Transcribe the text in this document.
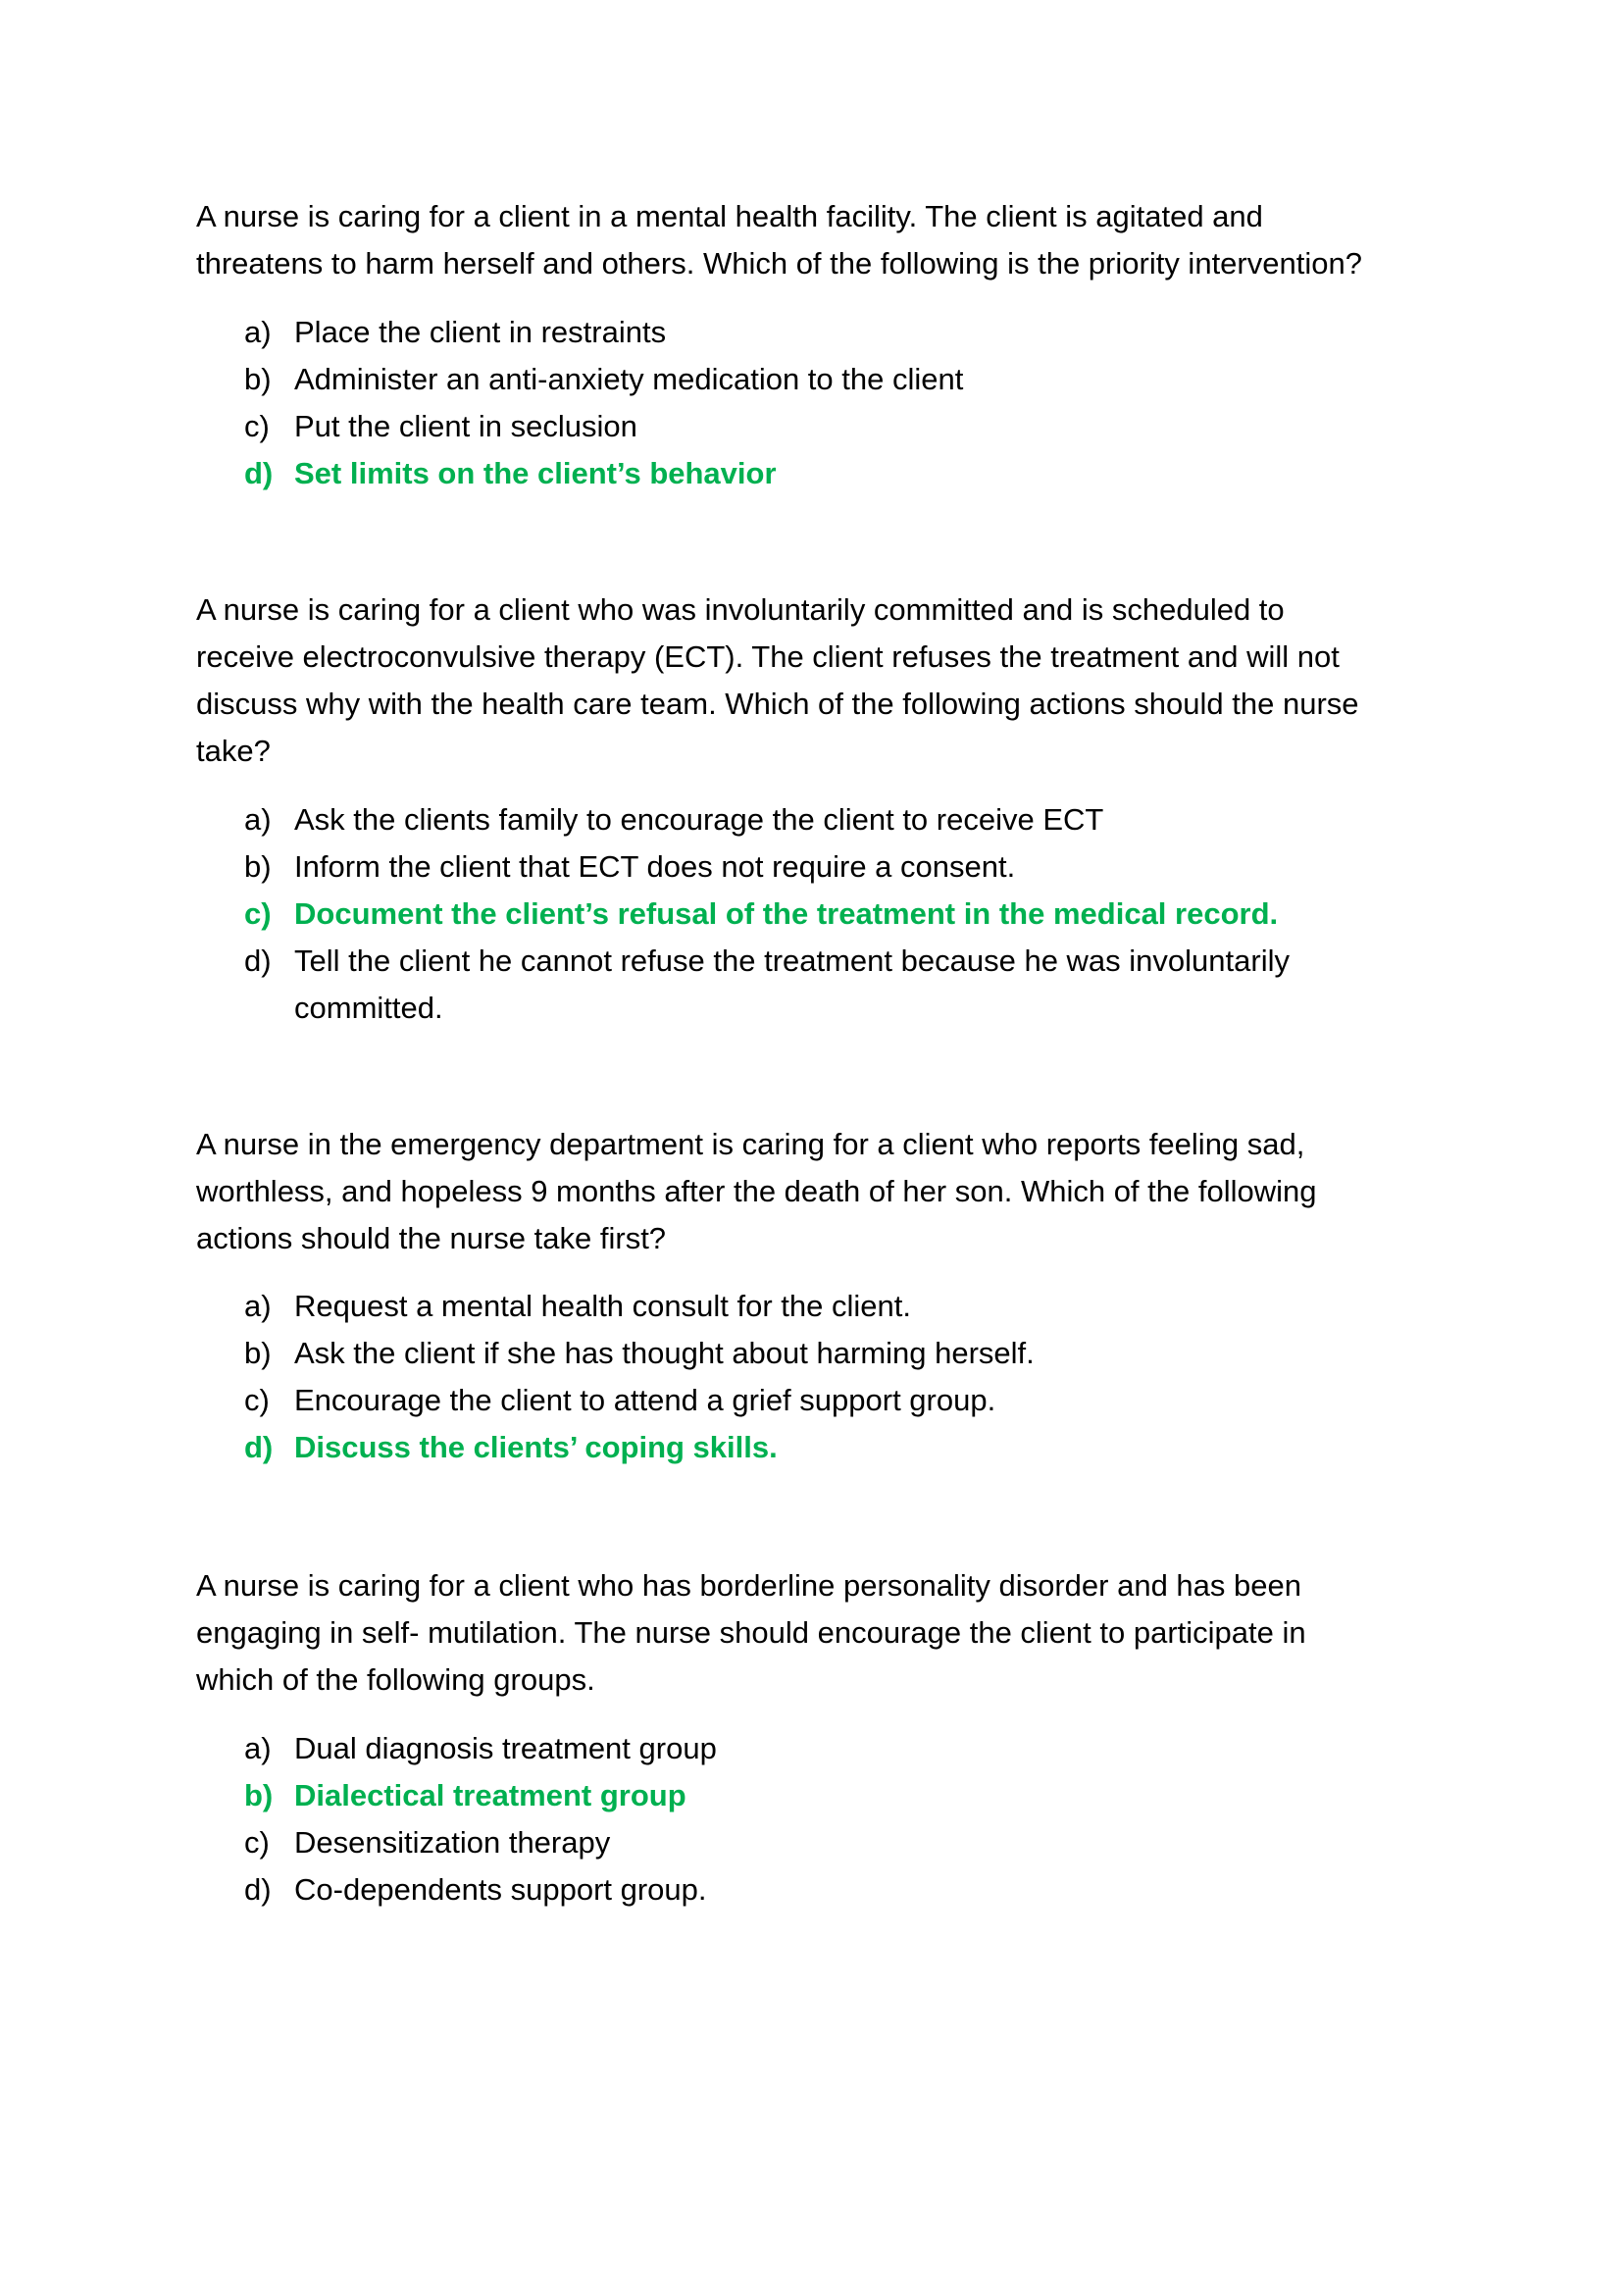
A nurse is caring for a client in a mental health facility. The client is agitated and
threatens to harm herself and others. Which of the following is the priority intervention?
a) Place the client in restraints
b) Administer an anti-anxiety medication to the client
c) Put the client in seclusion
d) Set limits on the client’s behavior
A nurse is caring for a client who was involuntarily committed and is scheduled to
receive electroconvulsive therapy (ECT). The client refuses the treatment and will not
discuss why with the health care team. Which of the following actions should the nurse
take?
a) Ask the clients family to encourage the client to receive ECT
b) Inform the client that ECT does not require a consent.
c) Document the client’s refusal of the treatment in the medical record.
d) Tell the client he cannot refuse the treatment because he was involuntarily
committed.
A nurse in the emergency department is caring for a client who reports feeling sad,
worthless, and hopeless 9 months after the death of her son. Which of the following
actions should the nurse take first?
a) Request a mental health consult for the client.
b) Ask the client if she has thought about harming herself.
c) Encourage the client to attend a grief support group.
d) Discuss the clients’ coping skills.
A nurse is caring for a client who has borderline personality disorder and has been
engaging in self- mutilation. The nurse should encourage the client to participate in
which of the following groups.
a) Dual diagnosis treatment group
b) Dialectical treatment group
c) Desensitization therapy
d) Co-dependents support group.
